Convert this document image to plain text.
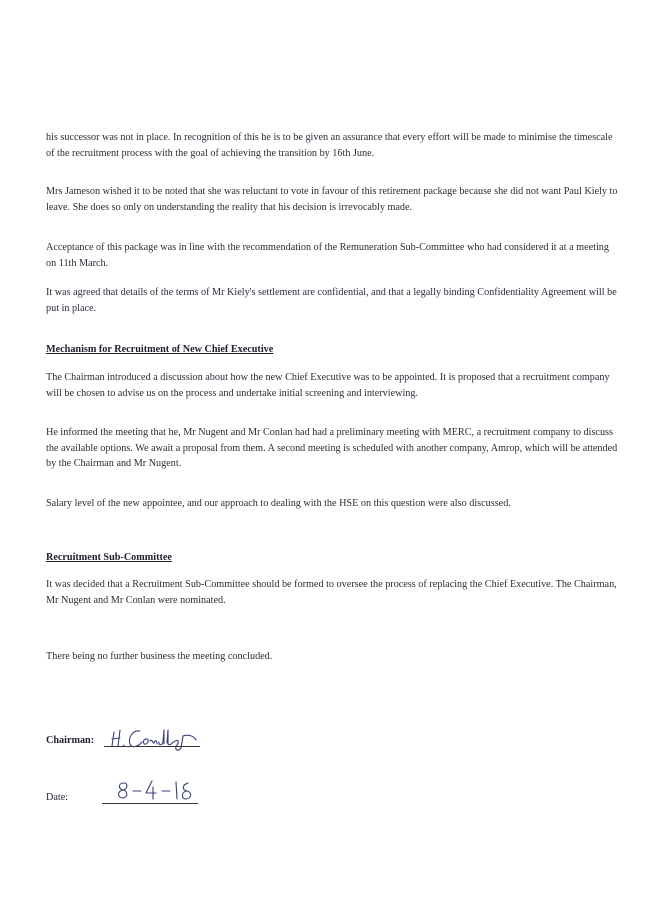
his successor was not in place. In recognition of this he is to be given an assurance that every effort will be made to minimise the timescale of the recruitment process with the goal of achieving the transition by 16th June.

Mrs Jameson wished it to be noted that she was reluctant to vote in favour of this retirement package because she did not want Paul Kiely to leave. She does so only on understanding the reality that his decision is irrevocably made.

Acceptance of this package was in line with the recommendation of the Remuneration Sub-Committee who had considered it at a meeting on 11th March.

It was agreed that details of the terms of Mr Kiely's settlement are confidential, and that a legally binding Confidentiality Agreement will be put in place.

Mechanism for Recruitment of New Chief Executive

The Chairman introduced a discussion about how the new Chief Executive was to be appointed. It is proposed that a recruitment company will be chosen to advise us on the process and undertake initial screening and interviewing.

He informed the meeting that he, Mr Nugent and Mr Conlan had had a preliminary meeting with MERC, a recruitment company to discuss the available options. We await a proposal from them. A second meeting is scheduled with another company, Amrop, which will be attended by the Chairman and Mr Nugent.

Salary level of the new appointee, and our approach to dealing with the HSE on this question were also discussed.

Recruitment Sub-Committee

It was decided that a Recruitment Sub-Committee should be formed to oversee the process of replacing the Chief Executive. The Chairman, Mr Nugent and Mr Conlan were nominated.

There being no further business the meeting concluded.

Chairman:
Date:
